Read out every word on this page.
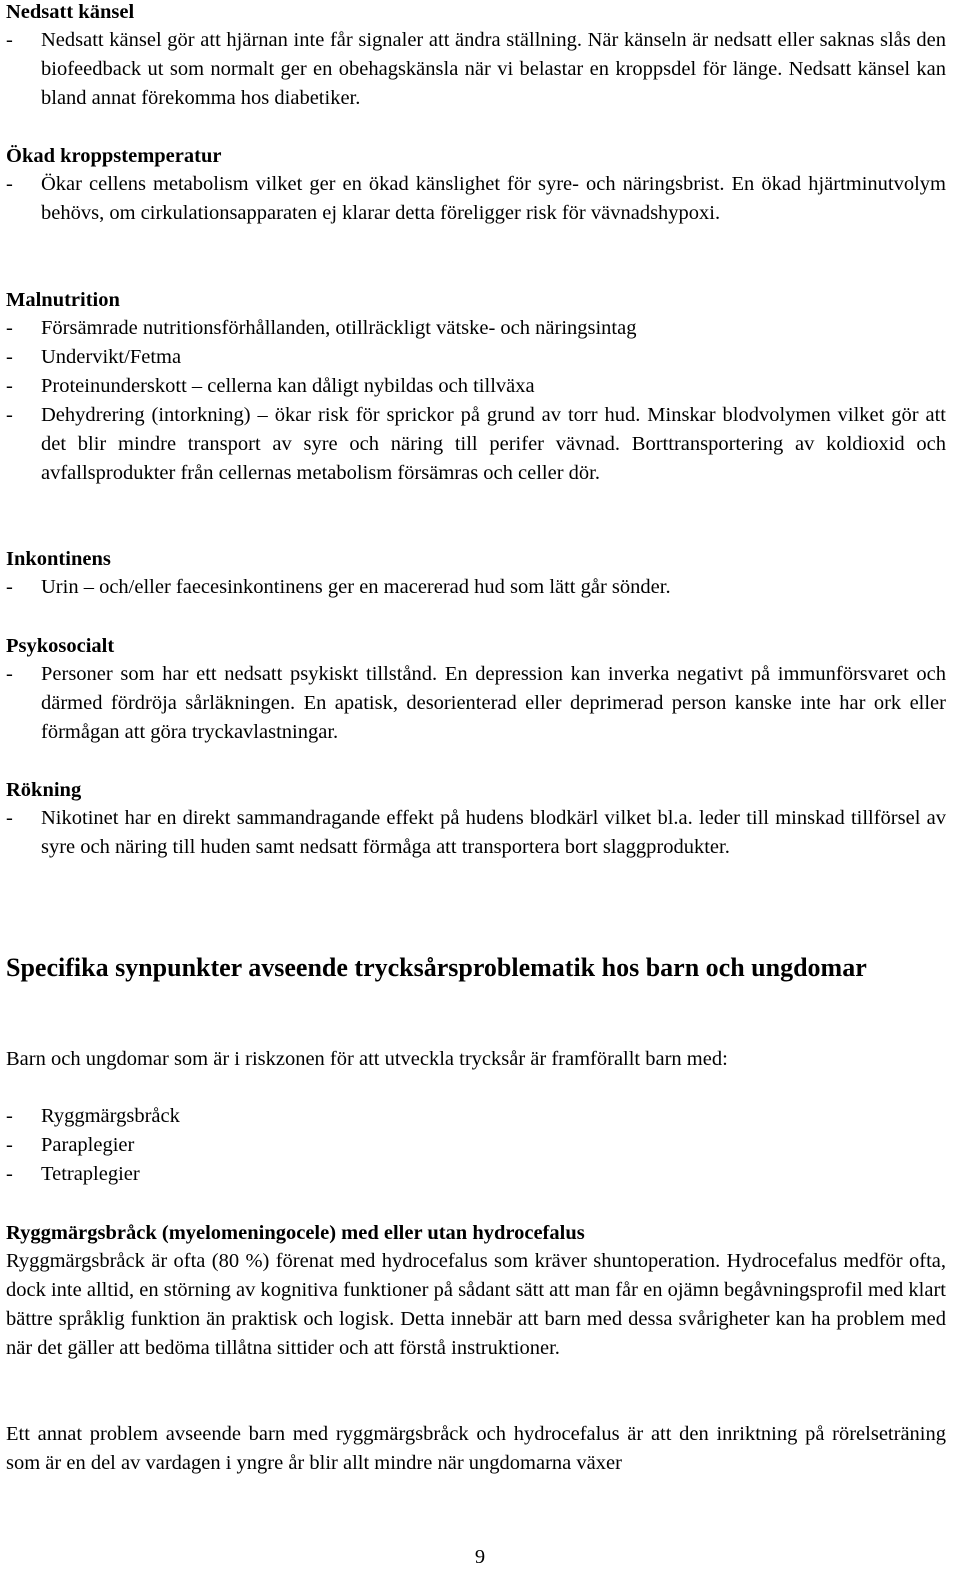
Nedsatt känsel
- Nedsatt känsel gör att hjärnan inte får signaler att ändra ställning. När känseln är nedsatt eller saknas slås den biofeedback ut som normalt ger en obehagskänsla när vi belastar en kroppsdel för länge. Nedsatt känsel kan bland annat förekomma hos diabetiker.
Ökad kroppstemperatur
- Ökar cellens metabolism vilket ger en ökad känslighet för syre- och näringsbrist. En ökad hjärtminutvolym behövs, om cirkulationsapparaten ej klarar detta föreligger risk för vävnadshypoxi.
Malnutrition
- Försämrade nutritionsförhållanden, otillräckligt vätske- och näringsintag
- Undervikt/Fetma
- Proteinunderskott – cellerna kan dåligt nybildas och tillväxa
- Dehydrering (intorkning) – ökar risk för sprickor på grund av torr hud. Minskar blodvolymen vilket gör att det blir mindre transport av syre och näring till perifer vävnad. Borttransportering av koldioxid och avfallsprodukter från cellernas metabolism försämras och celler dör.
Inkontinens
- Urin – och/eller faecesinkontinens ger en macererad hud som lätt går sönder.
Psykosocialt
- Personer som har ett nedsatt psykiskt tillstånd. En depression kan inverka negativt på immunförsvaret och därmed fördröja sårläkningen. En apatisk, desorienterad eller deprimerad person kanske inte har ork eller förmågan att göra tryckavlastningar.
Rökning
- Nikotinet har en direkt sammandragande effekt på hudens blodkärl vilket bl.a. leder till minskad tillförsel av syre och näring till huden samt nedsatt förmåga att transportera bort slaggprodukter.
Specifika synpunkter avseende trycksårsproblematik hos barn och ungdomar
Barn och ungdomar som är i riskzonen för att utveckla trycksår är framförallt barn med:
- Ryggmärgsbråck
- Paraplegier
- Tetraplegier
Ryggmärgsbråck (myelomeningocele) med eller utan hydrocefalus
Ryggmärgsbråck är ofta (80 %) förenat med hydrocefalus som kräver shuntoperation. Hydrocefalus medför ofta, dock inte alltid, en störning av kognitiva funktioner på sådant sätt att man får en ojämn begåvningsprofil med klart bättre språklig funktion än praktisk och logisk. Detta innebär att barn med dessa svårigheter kan ha problem med när det gäller att bedöma tillåtna sittider och att förstå instruktioner.
Ett annat problem avseende barn med ryggmärgsbråck och hydrocefalus är att den inriktning på rörelseträning som är en del av vardagen i yngre år blir allt mindre när ungdomarna växer
9
